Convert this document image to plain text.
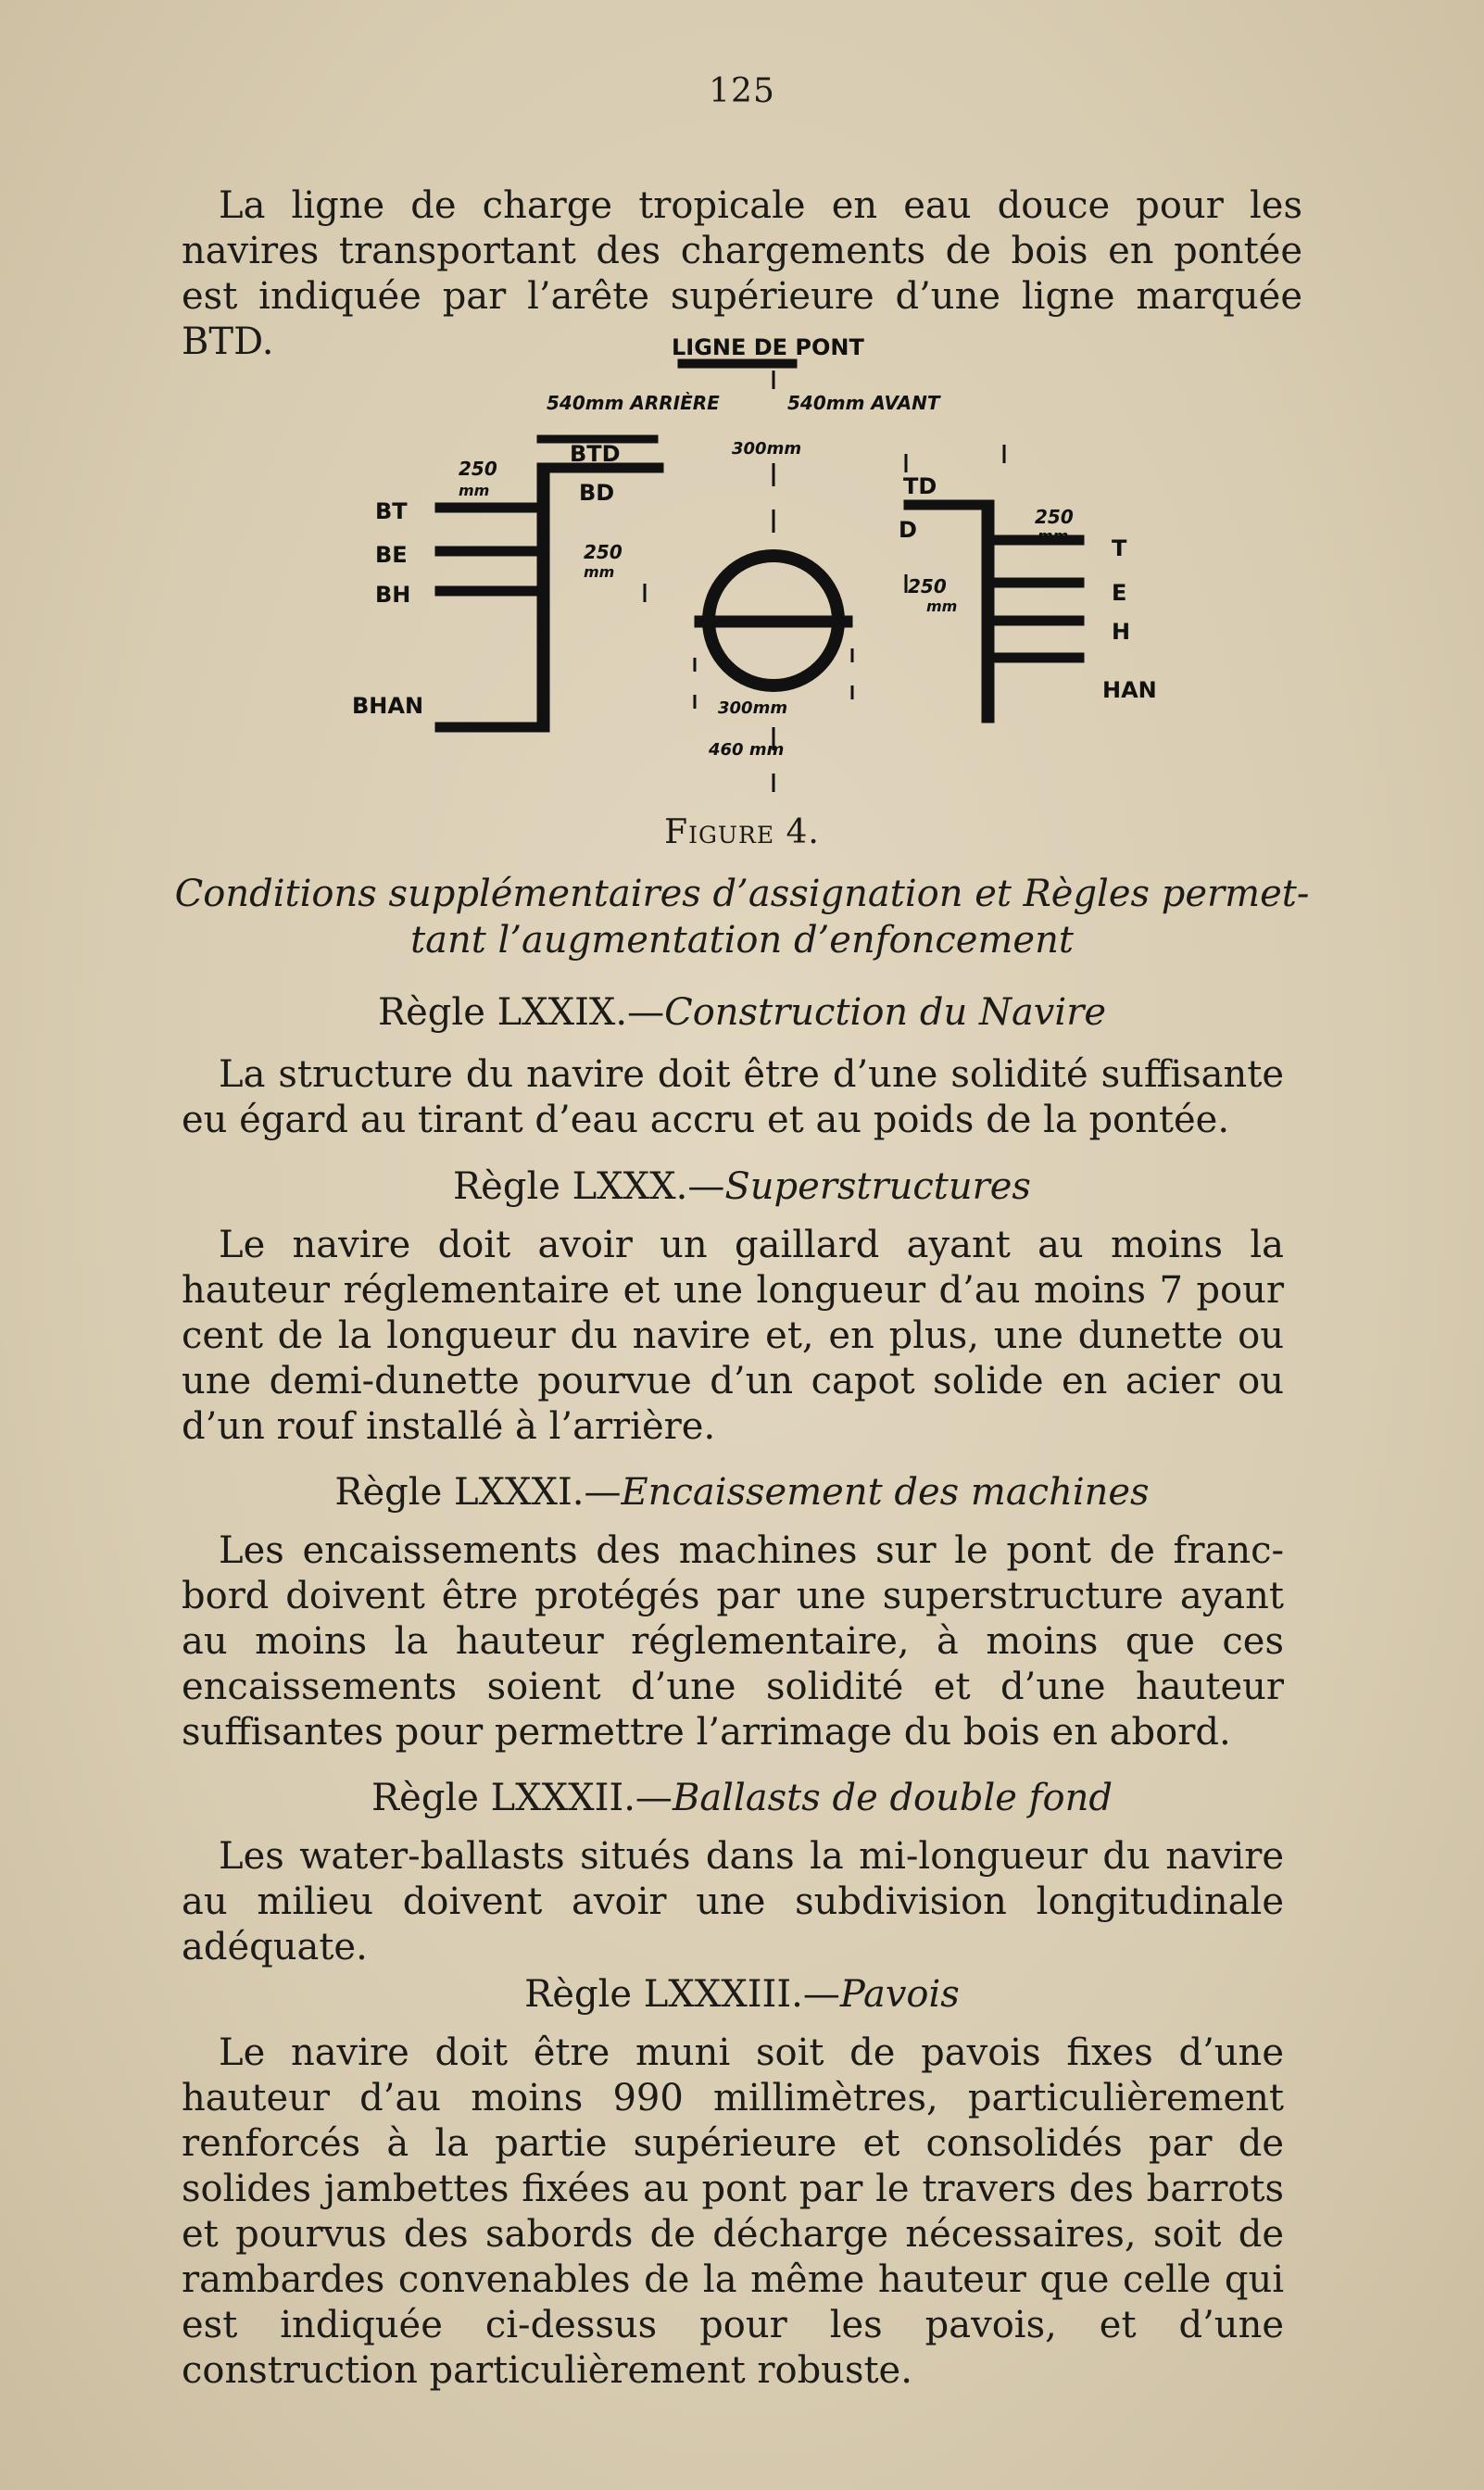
125

La ligne de charge tropicale en eau douce pour les navires transportant des chargements de bois en pontée est indiquée par l’arête supérieure d’une ligne marquée BTD.	LIGNE DE PONT
540mm ARRIÈRE	540mm AVANT
BTD
BD
BT
BE
BH
BHAN
TD
D
T
E
H
HAN
250
mm
250
mm
250
mm
250
mm
300mm
300mm
460 mm
Figure 4.
Conditions supplémentaires d’assignation et Règles permet-
tant l’augmentation d’enfoncement
Règle LXXIX.—Construction du Navire

La structure du navire doit être d’une solidité suffisante eu égard au tirant d’eau accru et au poids de la pontée.

Règle LXXX.—Superstructures

Le navire doit avoir un gaillard ayant au moins la hauteur réglementaire et une longueur d’au moins 7 pour cent de la longueur du navire et, en plus, une dunette ou une demi-dunette pourvue d’un capot solide en acier ou d’un rouf installé à l’arrière.

Règle LXXXI.—Encaissement des machines

Les encaissements des machines sur le pont de franc-bord doivent être protégés par une superstructure ayant au moins la hauteur réglementaire, à moins que ces encaissements soient d’une solidité et d’une hauteur suffisantes pour permettre l’arrimage du bois en abord.

Règle LXXXII.—Ballasts de double fond

Les water-ballasts situés dans la mi-longueur du navire au milieu doivent avoir une subdivision longitudinale adéquate.

Règle LXXXIII.—Pavois

Le navire doit être muni soit de pavois fixes d’une hauteur d’au moins 990 millimètres, particulièrement renforcés à la partie supérieure et consolidés par de solides jambettes fixées au pont par le travers des barrots et pourvus des sabords de décharge nécessaires, soit de rambardes convenables de la même hauteur que celle qui est indiquée ci-dessus pour les pavois, et d’une construction particulièrement robuste.
